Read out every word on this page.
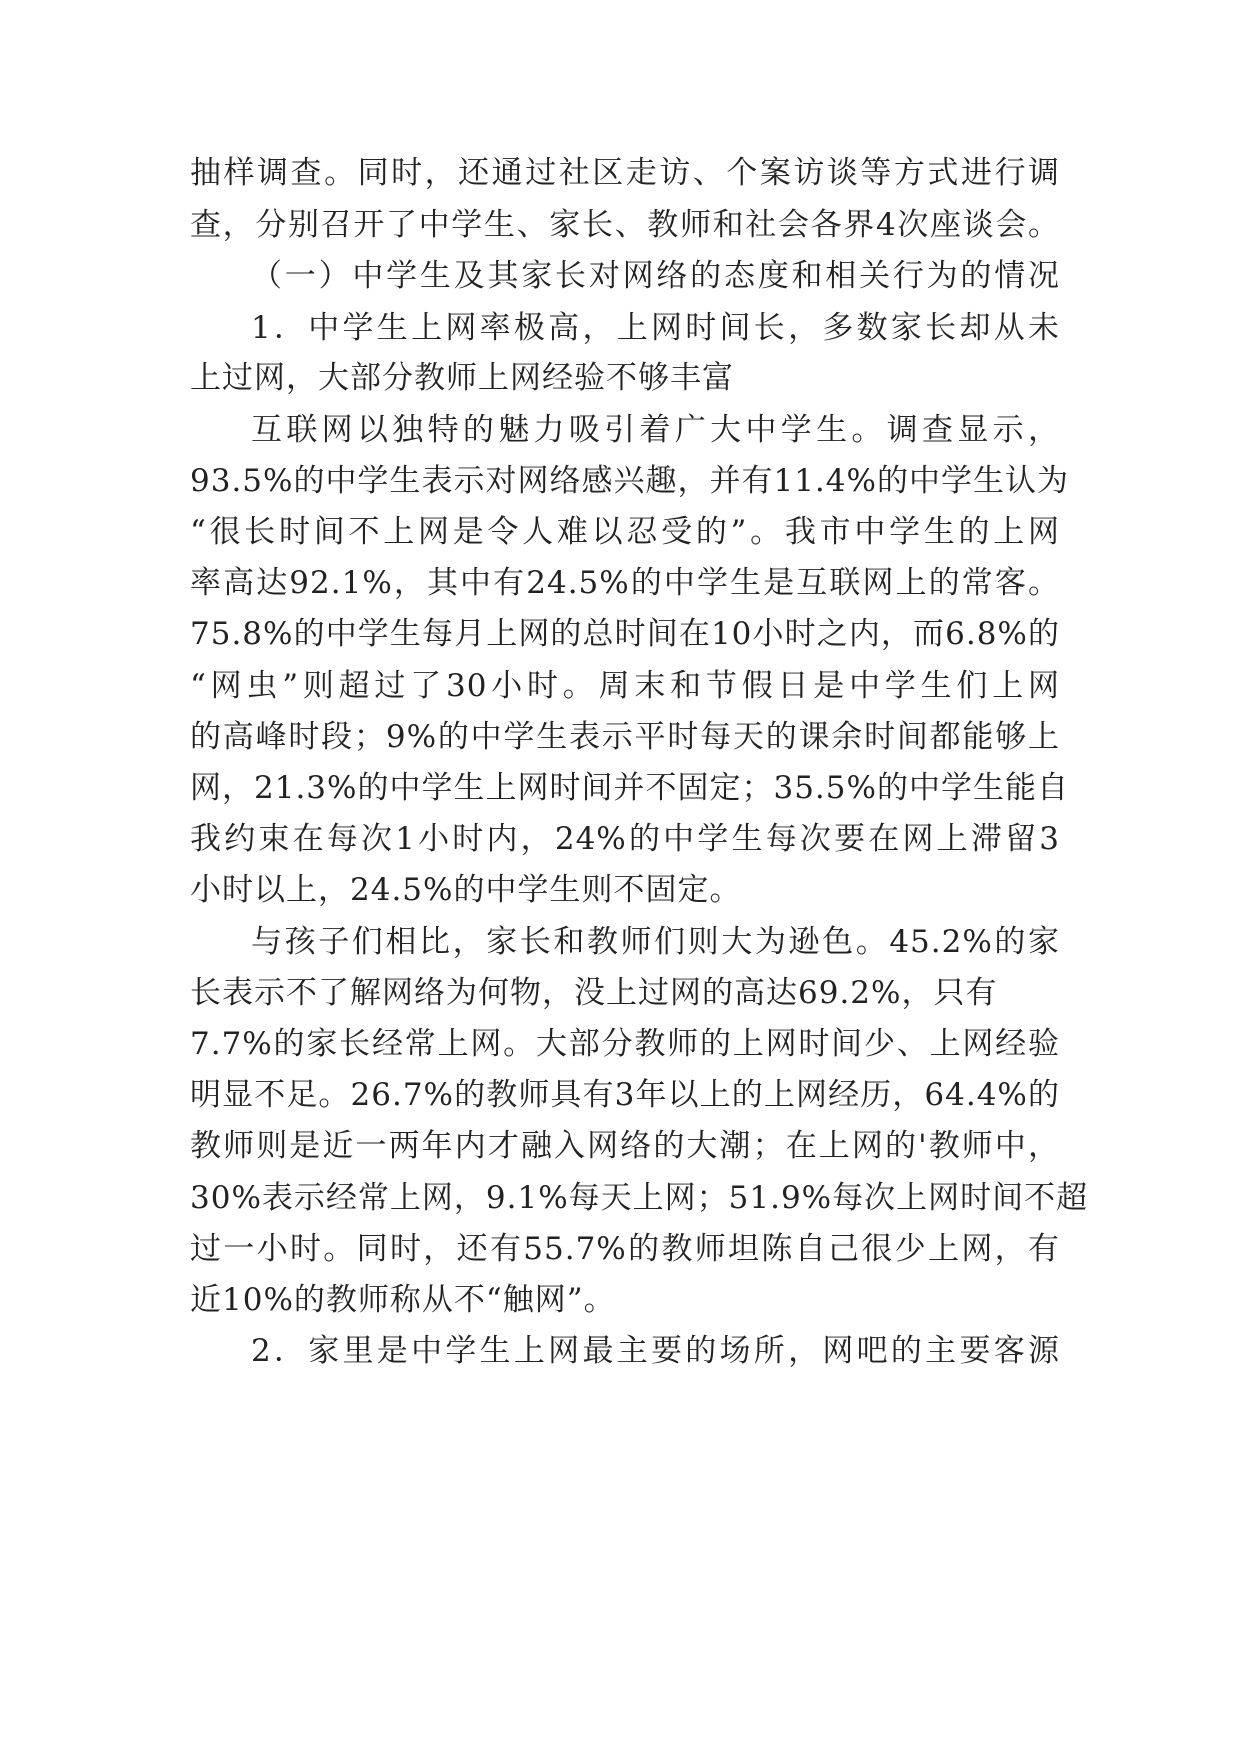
抽样调查。同时，还通过社区走访、个案访谈等方式进行调
查，分别召开了中学生、家长、教师和社会各界4次座谈会。
（一）中学生及其家长对网络的态度和相关行为的情况
1．中学生上网率极高，上网时间长，多数家长却从未
上过网，大部分教师上网经验不够丰富
互联网以独特的魅力吸引着广大中学生。调查显示，
93.5%的中学生表示对网络感兴趣，并有11.4%的中学生认为
“很长时间不上网是令人难以忍受的”。我市中学生的上网
率高达92.1%，其中有24.5%的中学生是互联网上的常客。
75.8%的中学生每月上网的总时间在10小时之内，而6.8%的
“网虫”则超过了30小时。周末和节假日是中学生们上网
的高峰时段；9%的中学生表示平时每天的课余时间都能够上
网，21.3%的中学生上网时间并不固定；35.5%的中学生能自
我约束在每次1小时内，24%的中学生每次要在网上滞留3
小时以上，24.5%的中学生则不固定。
与孩子们相比，家长和教师们则大为逊色。45.2%的家
长表示不了解网络为何物，没上过网的高达69.2%，只有
7.7%的家长经常上网。大部分教师的上网时间少、上网经验
明显不足。26.7%的教师具有3年以上的上网经历，64.4%的
教师则是近一两年内才融入网络的大潮；在上网的'教师中，
30%表示经常上网，9.1%每天上网；51.9%每次上网时间不超
过一小时。同时，还有55.7%的教师坦陈自己很少上网，有
近10%的教师称从不“触网”。
2．家里是中学生上网最主要的场所，网吧的主要客源
